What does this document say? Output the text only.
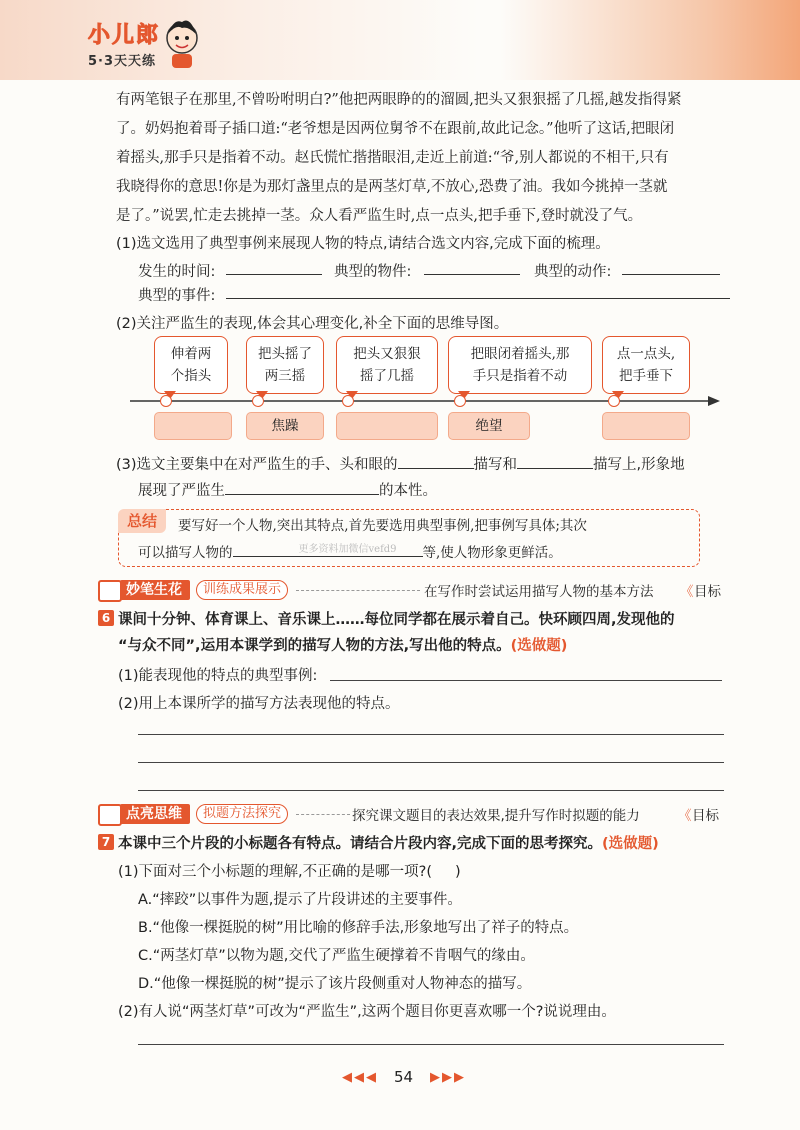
小儿郎
5·3天天练

有两笔银子在那里,不曾吩咐明白?”他把两眼睁的的溜圆,把头又狠狠摇了几摇,越发指得紧

了。奶妈抱着哥子插口道:“老爷想是因两位舅爷不在跟前,故此记念。”他听了这话,把眼闭

着摇头,那手只是指着不动。赵氏慌忙揩揩眼泪,走近上前道:“爷,别人都说的不相干,只有

我晓得你的意思!你是为那灯盏里点的是两茎灯草,不放心,恐费了油。我如今挑掉一茎就

是了。”说罢,忙走去挑掉一茎。众人看严监生时,点一点头,把手垂下,登时就没了气。

(1)选文选用了典型事例来展现人物的特点,请结合选文内容,完成下面的梳理。
发生的时间:	典型的物件:	典型的动作:
典型的事件:
(2)关注严监生的表现,体会其心理变化,补全下面的思维导图。
伸着两
个指头
把头摇了
两三摇
把头又狠狠
摇了几摇
把眼闭着摇头,那
手只是指着不动
点一点头,
把手垂下
焦躁	绝望
(3)选文主要集中在对严监生的手、头和眼的	描写和	描写上,形象地
展现了严监生	的本性。
总结	要写好一个人物,突出其特点,首先要选用典型事例,把事例写具体;其次
可以描写人物的	更多资料加微信vefd9 等,使人物形象更鲜活。
妙笔生花	训练成果展示	在写作时尝试运用描写人物的基本方法	《 目标
6 课间十分钟、体育课上、音乐课上……每位同学都在展示着自己。快环顾四周,发现他的
“与众不同”,运用本课学到的描写人物的方法,写出他的特点。(选做题)
(1)能表现他的特点的典型事例:
(2)用上本课所学的描写方法表现他的特点。
点亮思维	拟题方法探究	探究课文题目的表达效果,提升写作时拟题的能力	《 目标
7 本课中三个片段的小标题各有特点。请结合片段内容,完成下面的思考探究。(选做题)
(1)下面对三个小标题的理解,不正确的是哪一项?(     )
A.“摔跤”以事件为题,提示了片段讲述的主要事件。
B.“他像一棵挺脱的树”用比喻的修辞手法,形象地写出了祥子的特点。
C.“两茎灯草”以物为题,交代了严监生硬撑着不肯咽气的缘由。
D.“他像一棵挺脱的树”提示了该片段侧重对人物神态的描写。
(2)有人说“两茎灯草”可改为“严监生”,这两个题目你更喜欢哪一个?说说理由。
◀◀◀ 54 ▶▶▶
